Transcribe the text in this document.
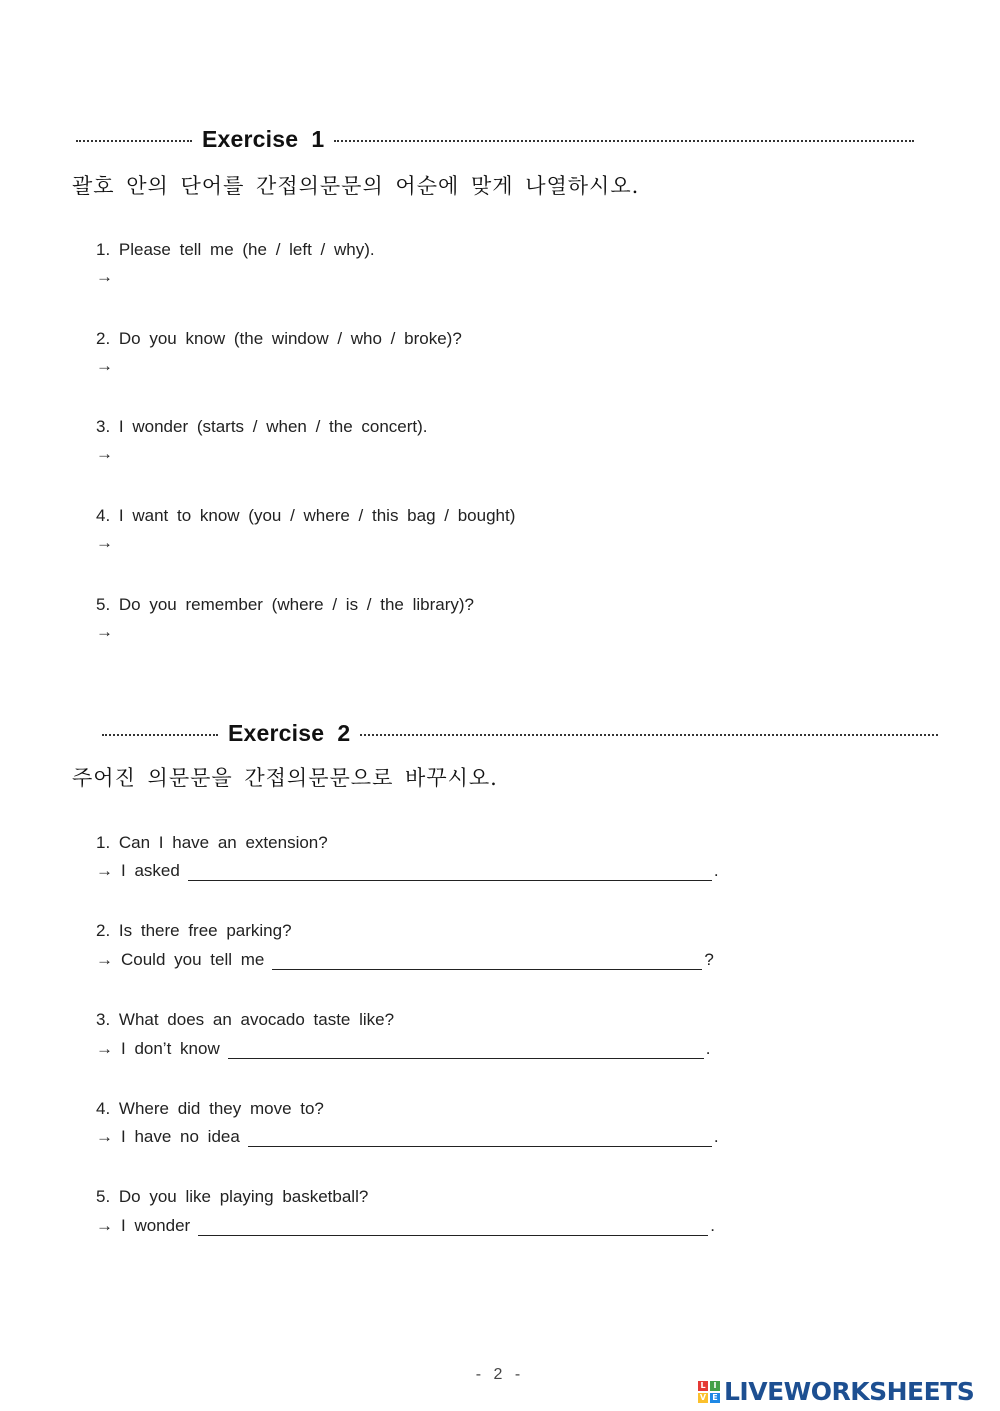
Exercise  1
괄호 안의 단어를 간접의문문의 어순에 맞게 나열하시오.
1. Please tell me (he / left / why).
→
2. Do you know (the window / who / broke)?
→
3. I wonder (starts / when / the concert).
→
4. I want to know (you / where / this bag / bought)
→
5. Do you remember (where / is / the library)?
→
Exercise  2
주어진 의문문을 간접의문문으로 바꾸시오.
1. Can I have an extension?
→ I asked	.
2. Is there free parking?
→ Could you tell me	?
3. What does an avocado taste like?
→ I don’t know	.
4. Where did they move to?
→ I have no idea	.
5. Do you like playing basketball?
→ I wonder	.
- 2 -
L I
V E LIVEWORKSHEETS
